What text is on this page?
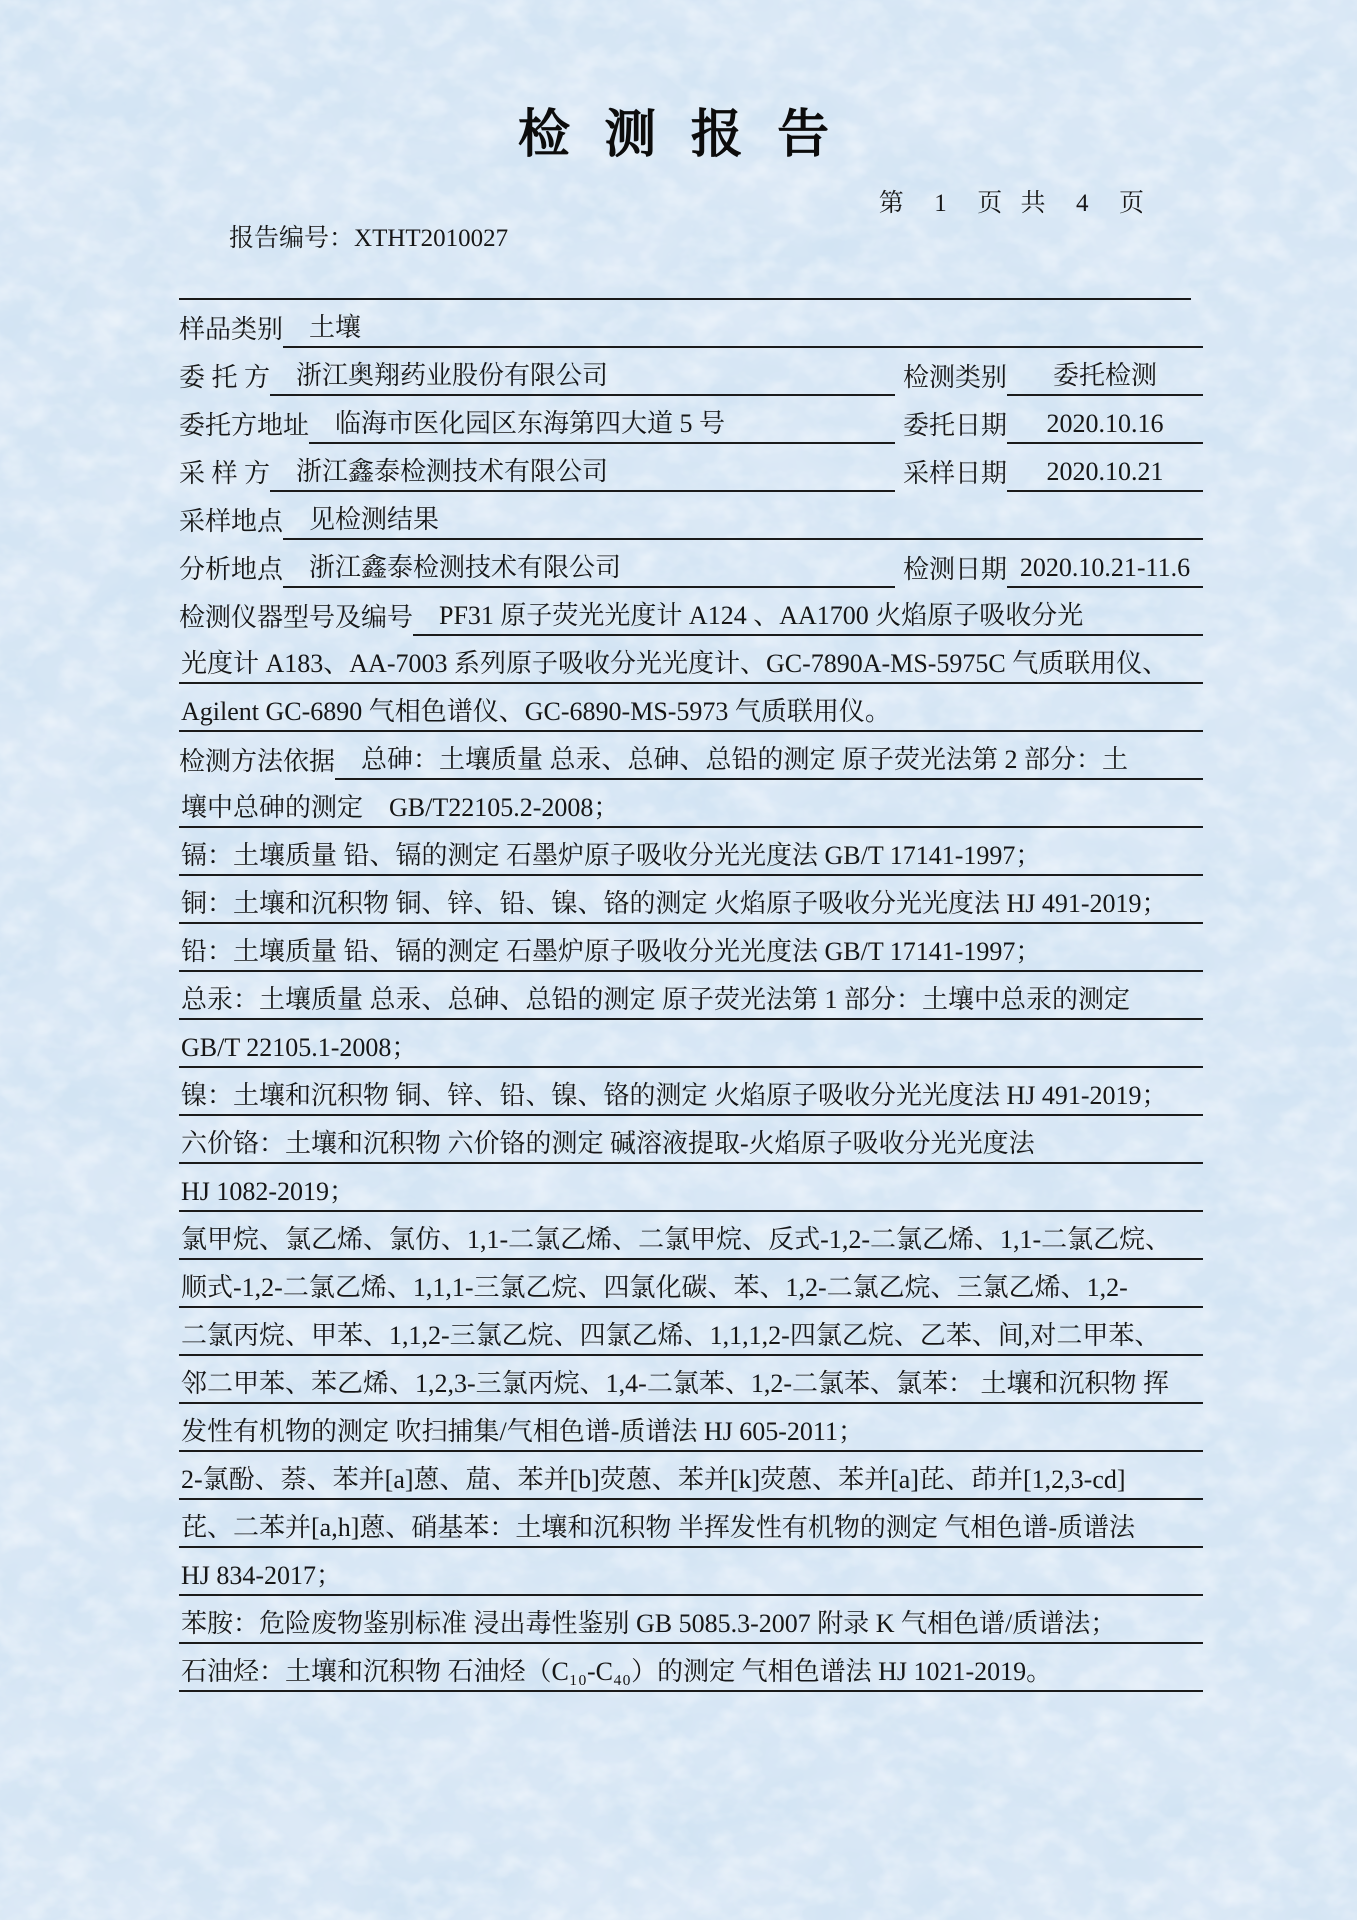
检 测 报 告

报告编号：XTHT2010027

第  1  页 共  4  页
样品类别	土壤
委 托 方	浙江奥翔药业股份有限公司	检测类别	委托检测
委托方地址	临海市医化园区东海第四大道 5 号	委托日期	2020.10.16
采 样 方	浙江鑫泰检测技术有限公司	采样日期	2020.10.21
采样地点	见检测结果
分析地点	浙江鑫泰检测技术有限公司	检测日期 2020.10.21-11.6
检测仪器型号及编号	PF31 原子荧光光度计 A124 、AA1700 火焰原子吸收分光
光度计 A183、AA-7003 系列原子吸收分光光度计、GC-7890A-MS-5975C 气质联用仪、
Agilent GC-6890 气相色谱仪、GC-6890-MS-5973 气质联用仪。
检测方法依据	总砷：土壤质量 总汞、总砷、总铅的测定 原子荧光法第 2 部分：土
壤中总砷的测定　GB/T22105.2-2008；
镉：土壤质量 铅、镉的测定 石墨炉原子吸收分光光度法 GB/T 17141-1997；
铜：土壤和沉积物 铜、锌、铅、镍、铬的测定 火焰原子吸收分光光度法 HJ 491-2019；
铅：土壤质量 铅、镉的测定 石墨炉原子吸收分光光度法 GB/T 17141-1997；
总汞：土壤质量 总汞、总砷、总铅的测定 原子荧光法第 1 部分：土壤中总汞的测定
GB/T 22105.1-2008；
镍：土壤和沉积物 铜、锌、铅、镍、铬的测定 火焰原子吸收分光光度法 HJ 491-2019；
六价铬：土壤和沉积物 六价铬的测定 碱溶液提取-火焰原子吸收分光光度法
HJ 1082-2019；
氯甲烷、氯乙烯、氯仿、1,1-二氯乙烯、二氯甲烷、反式-1,2-二氯乙烯、1,1-二氯乙烷、
顺式-1,2-二氯乙烯、1,1,1-三氯乙烷、四氯化碳、苯、1,2-二氯乙烷、三氯乙烯、1,2-
二氯丙烷、甲苯、1,1,2-三氯乙烷、四氯乙烯、1,1,1,2-四氯乙烷、乙苯、间,对二甲苯、
邻二甲苯、苯乙烯、1,2,3-三氯丙烷、1,4-二氯苯、1,2-二氯苯、氯苯： 土壤和沉积物 挥
发性有机物的测定 吹扫捕集/气相色谱-质谱法 HJ 605-2011；
2-氯酚、萘、苯并[a]蒽、䓛、苯并[b]荧蒽、苯并[k]荧蒽、苯并[a]芘、茚并[1,2,3-cd]
芘、二苯并[a,h]蒽、硝基苯：土壤和沉积物 半挥发性有机物的测定 气相色谱-质谱法
HJ 834-2017；
苯胺：危险废物鉴别标准 浸出毒性鉴别 GB 5085.3-2007 附录 K 气相色谱/质谱法；
石油烃：土壤和沉积物 石油烃（C₁₀-C₄₀）的测定 气相色谱法 HJ 1021-2019。
